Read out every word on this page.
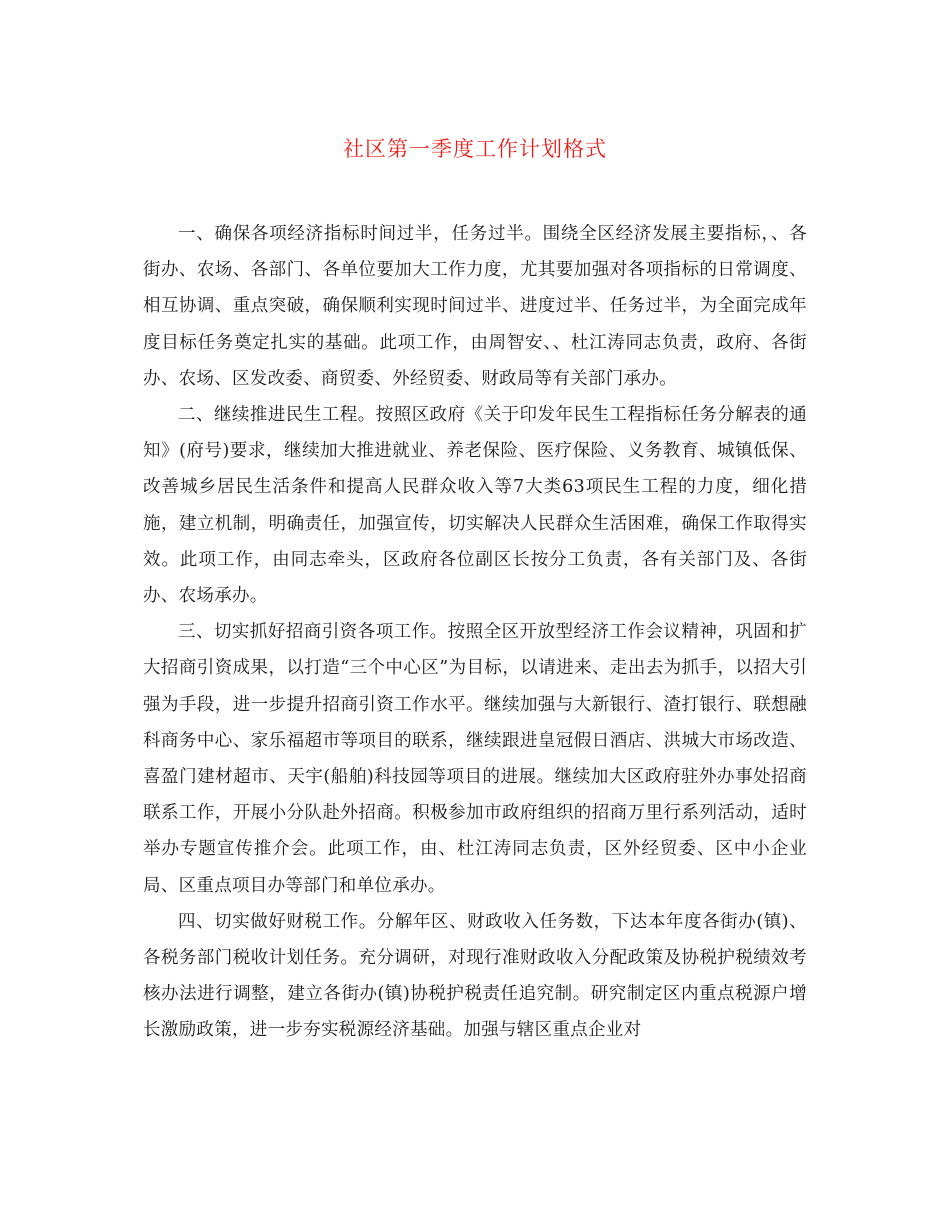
社区第一季度工作计划格式

一、确保各项经济指标时间过半，任务过半。围绕全区经济发展主要指标，、各街办、农场、各部门、各单位要加大工作力度，尤其要加强对各项指标的日常调度、相互协调、重点突破，确保顺利实现时间过半、进度过半、任务过半，为全面完成年度目标任务奠定扎实的基础。此项工作，由周智安、、杜江涛同志负责，政府、各街办、农场、区发改委、商贸委、外经贸委、财政局等有关部门承办。

二、继续推进民生工程。按照区政府《关于印发年民生工程指标任务分解表的通知》(府号)要求，继续加大推进就业、养老保险、医疗保险、义务教育、城镇低保、改善城乡居民生活条件和提高人民群众收入等7大类63项民生工程的力度，细化措施，建立机制，明确责任，加强宣传，切实解决人民群众生活困难，确保工作取得实效。此项工作，由同志牵头，区政府各位副区长按分工负责，各有关部门及、各街办、农场承办。

三、切实抓好招商引资各项工作。按照全区开放型经济工作会议精神，巩固和扩大招商引资成果，以打造“三个中心区”为目标，以请进来、走出去为抓手，以招大引强为手段，进一步提升招商引资工作水平。继续加强与大新银行、渣打银行、联想融科商务中心、家乐福超市等项目的联系，继续跟进皇冠假日酒店、洪城大市场改造、喜盈门建材超市、天宇(船舶)科技园等项目的进展。继续加大区政府驻外办事处招商联系工作，开展小分队赴外招商。积极参加市政府组织的招商万里行系列活动，适时举办专题宣传推介会。此项工作，由、杜江涛同志负责，区外经贸委、区中小企业局、区重点项目办等部门和单位承办。

四、切实做好财税工作。分解年区、财政收入任务数，下达本年度各街办(镇)、各税务部门税收计划任务。充分调研，对现行准财政收入分配政策及协税护税绩效考核办法进行调整，建立各街办(镇)协税护税责任追究制。研究制定区内重点税源户增长激励政策，进一步夯实税源经济基础。加强与辖区重点企业对
